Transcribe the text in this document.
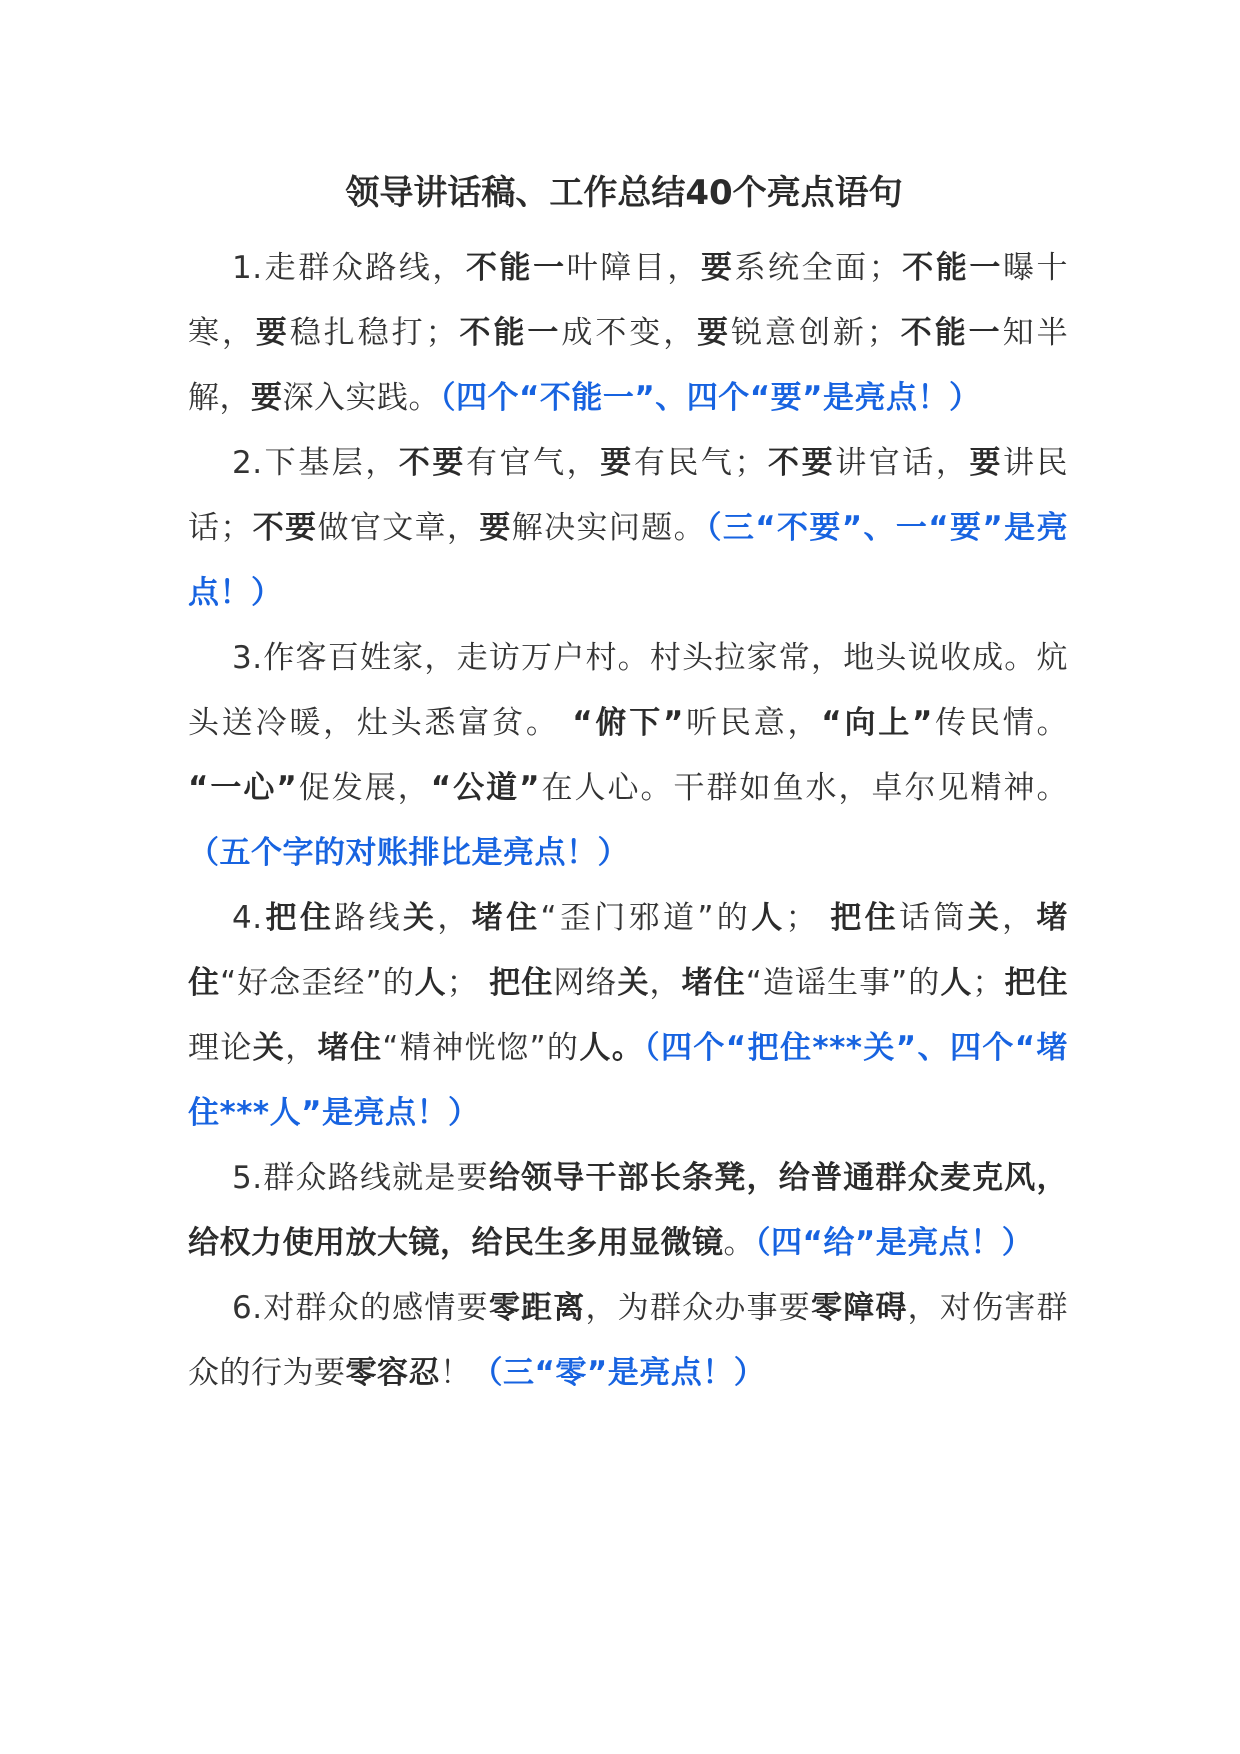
领导讲话稿、工作总结40个亮点语句

1.走群众路线，不能一叶障目，要系统全面；不能一曝十寒，要稳扎稳打；不能一成不变，要锐意创新；不能一知半解，要深入实践。（四个“不能一”、四个“要”是亮点！）

2.下基层，不要有官气，要有民气；不要讲官话，要讲民话；不要做官文章，要解决实问题。（三“不要”、一“要”是亮点！）

3.作客百姓家，走访万户村。村头拉家常，地头说收成。炕头送冷暖，灶头悉富贫。 “俯下”听民意，“向上”传民情。 “一心”促发展，“公道”在人心。干群如鱼水，卓尔见精神。（五个字的对账排比是亮点！）

4.把住路线关，堵住“歪门邪道”的人； 把住话筒关，堵住“好念歪经”的人； 把住网络关，堵住“造谣生事”的人；把住理论关，堵住“精神恍惚”的人。（四个“把住***关”、四个“堵住***人”是亮点！）

5.群众路线就是要给领导干部长条凳，给普通群众麦克风，给权力使用放大镜，给民生多用显微镜。（四“给”是亮点！）

6.对群众的感情要零距离，为群众办事要零障碍，对伤害群众的行为要零容忍！（三“零”是亮点！）
